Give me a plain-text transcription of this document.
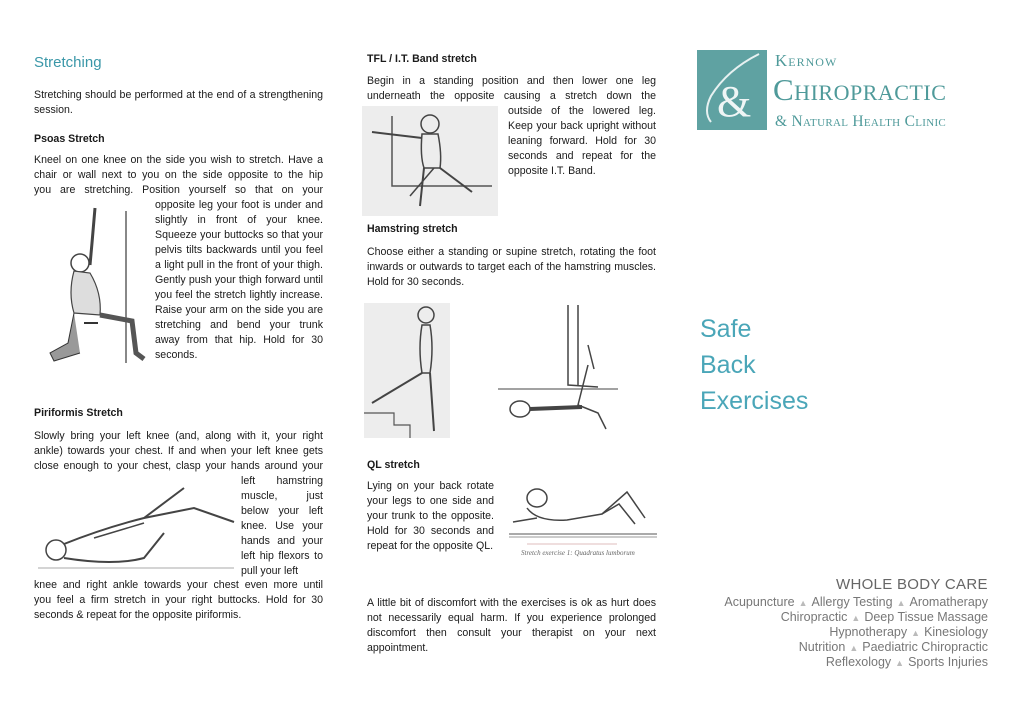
Stretching
Stretching should be performed at the end of a strengthening session.
Psoas Stretch
Kneel on one knee on the side you wish to stretch. Have a
chair or wall next to you on the side opposite to the hip
you are stretching. Position yourself so that on your
opposite leg your foot is under and slightly in front of your knee. Squeeze your buttocks so that your pelvis tilts backwards until you feel a light pull in the front of your thigh. Gently push your thigh forward until you feel the stretch lightly increase. Raise your arm on the side you are stretching and bend your trunk away from that hip. Hold for 30 seconds.
Piriformis Stretch
Slowly bring your left knee (and, along with it, your right
ankle) towards your chest. If and when your left knee gets
close enough to your chest, clasp your hands around your
left hamstring muscle, just below your left knee. Use your hands and your left hip flexors to pull your left
knee and right ankle towards your chest even more until
you feel a firm stretch in your right buttocks. Hold for 30
seconds & repeat for the opposite piriformis.
TFL / I.T. Band stretch
Begin in a standing position and then lower one leg
underneath the opposite causing a stretch down the
outside of the lowered leg. Keep your back upright without leaning forward. Hold for 30 seconds and repeat for the opposite I.T. Band.
Hamstring stretch
Choose either a standing or supine stretch, rotating the foot inwards or outwards to target each of the hamstring muscles. Hold for 30 seconds.
QL stretch
Lying on your back rotate your legs to one side and your trunk to the opposite. Hold for 30 seconds and repeat for the opposite QL.
Stretch exercise 1: Quadratus lumborum
A little bit of discomfort with the exercises is ok as hurt does not necessarily equal harm. If you experience prolonged discomfort then consult your therapist on your next appointment.
&
Kernow
Chiropractic
& Natural Health Clinic
Safe
Back
Exercises
WHOLE BODY CARE
Acupuncture ▲ Allergy Testing ▲ Aromatherapy
Chiropractic ▲ Deep Tissue Massage
Hypnotherapy ▲ Kinesiology
Nutrition ▲ Paediatric Chiropractic
Reflexology ▲ Sports Injuries
